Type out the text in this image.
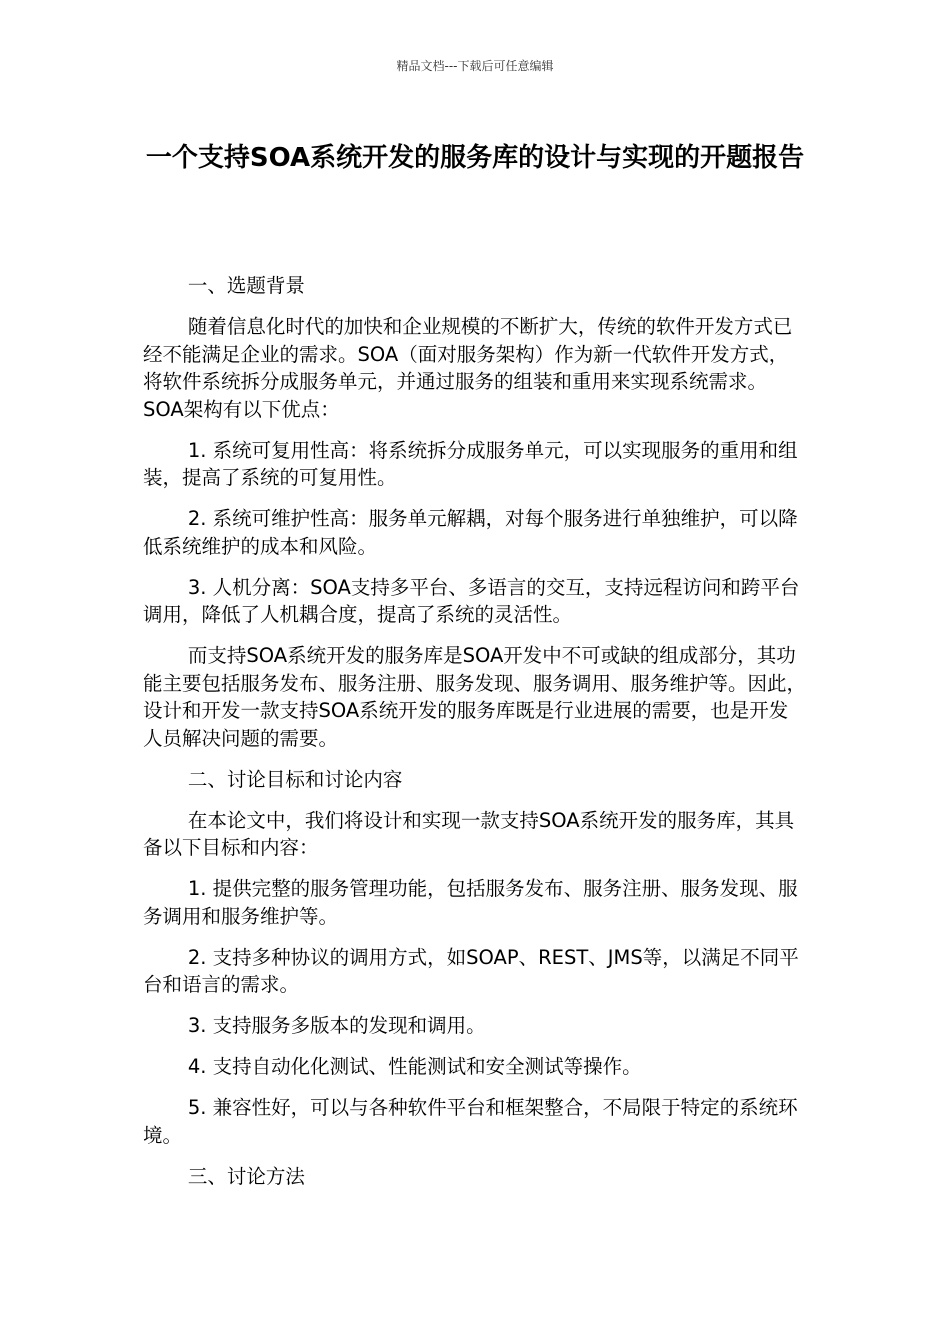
精品文档---下载后可任意编辑
一个支持SOA系统开发的服务库的设计与实现的开题报告

一、选题背景

随着信息化时代的加快和企业规模的不断扩大，传统的软件开发方式已经不能满足企业的需求。SOA（面对服务架构）作为新一代软件开发方式，将软件系统拆分成服务单元，并通过服务的组装和重用来实现系统需求。SOA架构有以下优点：

1. 系统可复用性高：将系统拆分成服务单元，可以实现服务的重用和组装，提高了系统的可复用性。

2. 系统可维护性高：服务单元解耦，对每个服务进行单独维护，可以降低系统维护的成本和风险。

3. 人机分离：SOA支持多平台、多语言的交互，支持远程访问和跨平台调用，降低了人机耦合度，提高了系统的灵活性。

而支持SOA系统开发的服务库是SOA开发中不可或缺的组成部分，其功能主要包括服务发布、服务注册、服务发现、服务调用、服务维护等。因此，设计和开发一款支持SOA系统开发的服务库既是行业进展的需要，也是开发人员解决问题的需要。

二、讨论目标和讨论内容

在本论文中，我们将设计和实现一款支持SOA系统开发的服务库，其具备以下目标和内容：

1. 提供完整的服务管理功能，包括服务发布、服务注册、服务发现、服务调用和服务维护等。

2. 支持多种协议的调用方式，如SOAP、REST、JMS等，以满足不同平台和语言的需求。

3. 支持服务多版本的发现和调用。

4. 支持自动化化测试、性能测试和安全测试等操作。

5. 兼容性好，可以与各种软件平台和框架整合，不局限于特定的系统环境。

三、讨论方法
